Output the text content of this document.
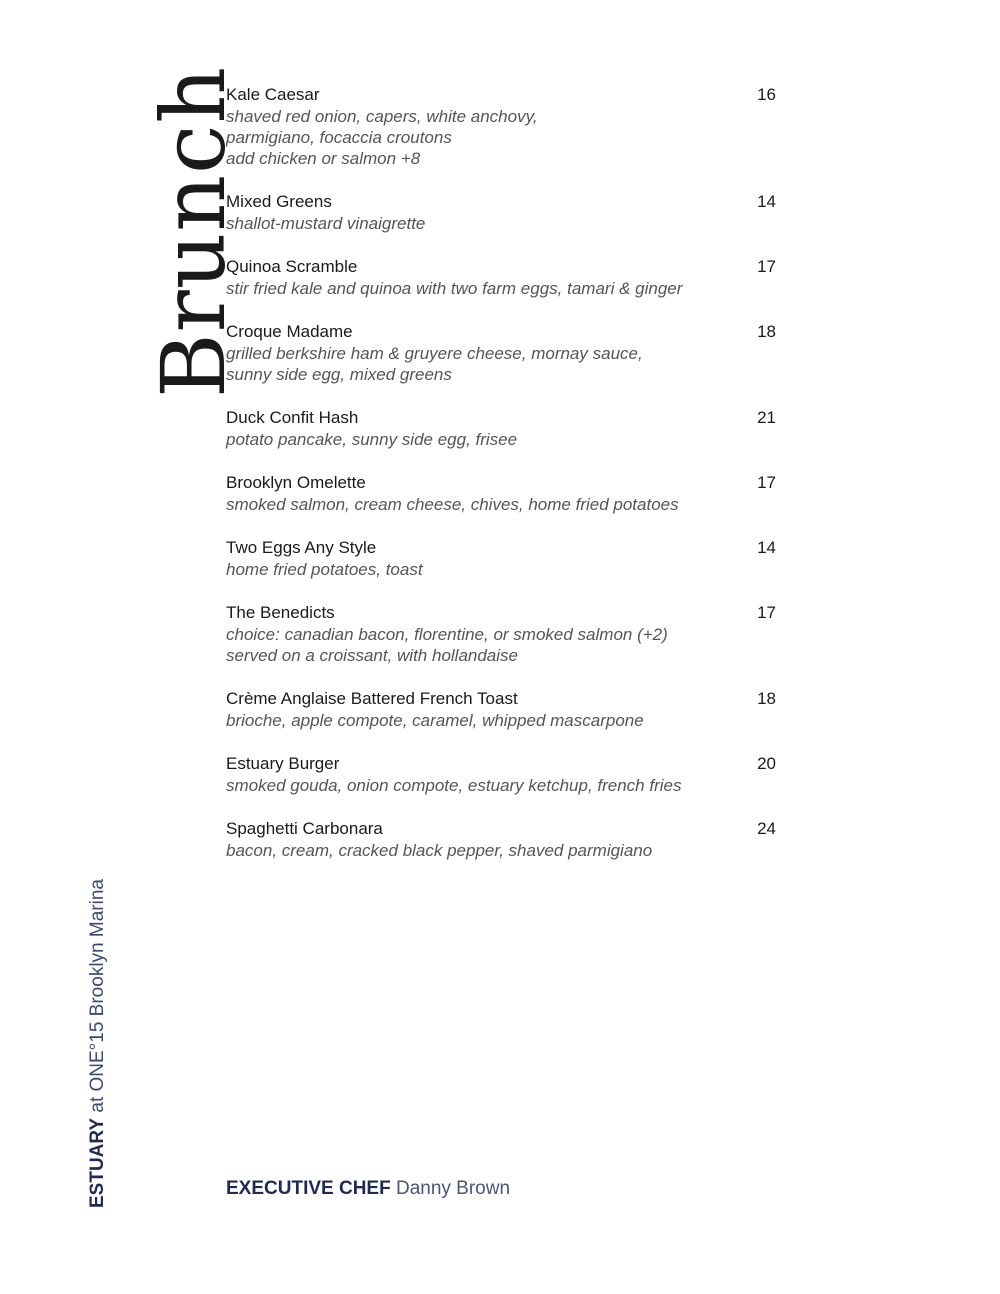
Brunch
ESTUARY at ONE°15 Brooklyn Marina
Kale Caesar	16
shaved red onion, capers, white anchovy,
parmigiano, focaccia croutons
add chicken or salmon +8
Mixed Greens	14
shallot-mustard vinaigrette
Quinoa Scramble	17
stir fried kale and quinoa with two farm eggs, tamari & ginger
Croque Madame	18
grilled berkshire ham & gruyere cheese, mornay sauce,
sunny side egg, mixed greens
Duck Confit Hash	21
potato pancake, sunny side egg, frisee
Brooklyn Omelette	17
smoked salmon, cream cheese, chives, home fried potatoes
Two Eggs Any Style	14
home fried potatoes, toast
The Benedicts	17
choice: canadian bacon, florentine, or smoked salmon (+2)
served on a croissant, with hollandaise
Crème Anglaise Battered French Toast	18
brioche, apple compote, caramel, whipped mascarpone
Estuary Burger	20
smoked gouda, onion compote, estuary ketchup, french fries
Spaghetti Carbonara	24
bacon, cream, cracked black pepper, shaved parmigiano
EXECUTIVE CHEF Danny Brown
